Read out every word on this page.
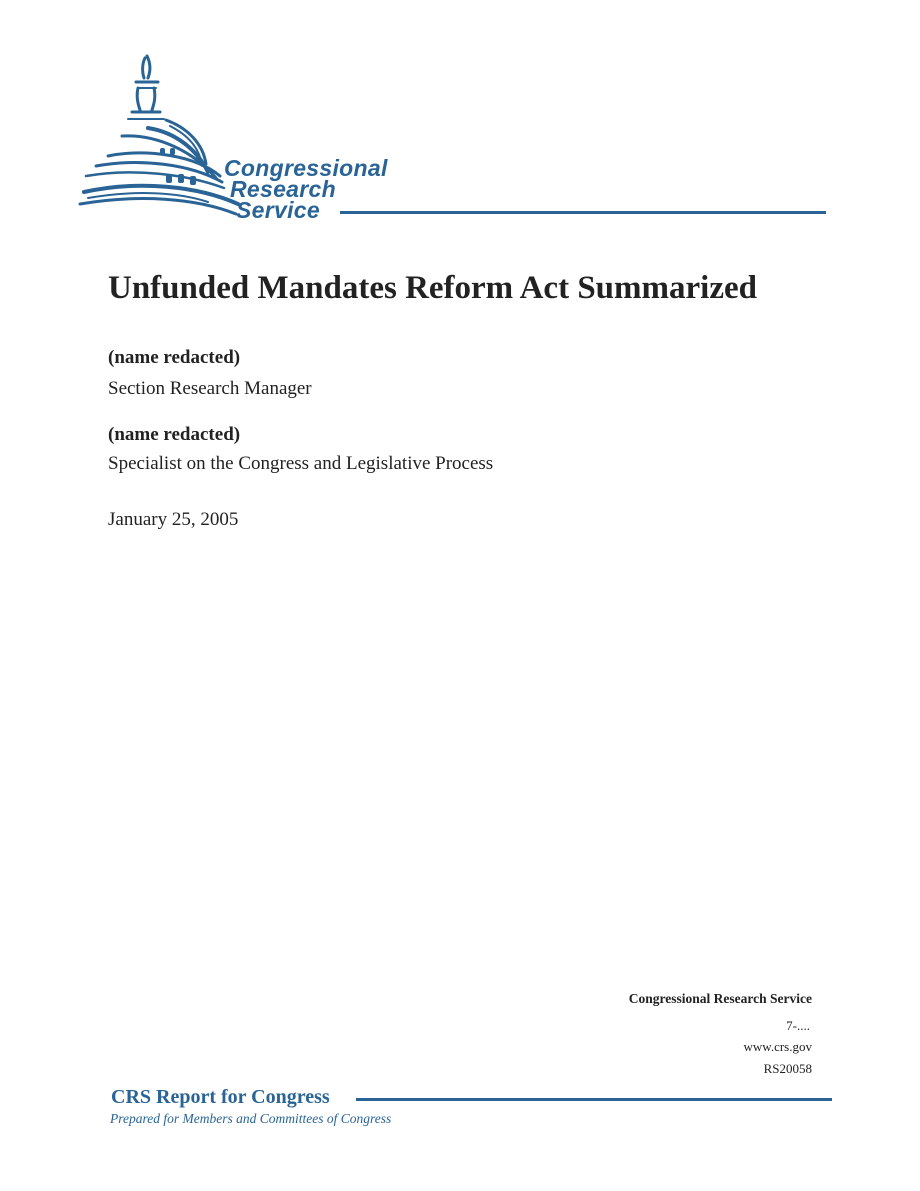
Congressional
Research
Service
Unfunded Mandates Reform Act Summarized
(name redacted)
Section Research Manager
(name redacted)
Specialist on the Congress and Legislative Process
January 25, 2005
Congressional Research Service
7-....
www.crs.gov
RS20058
CRS Report for Congress
Prepared for Members and Committees of Congress
